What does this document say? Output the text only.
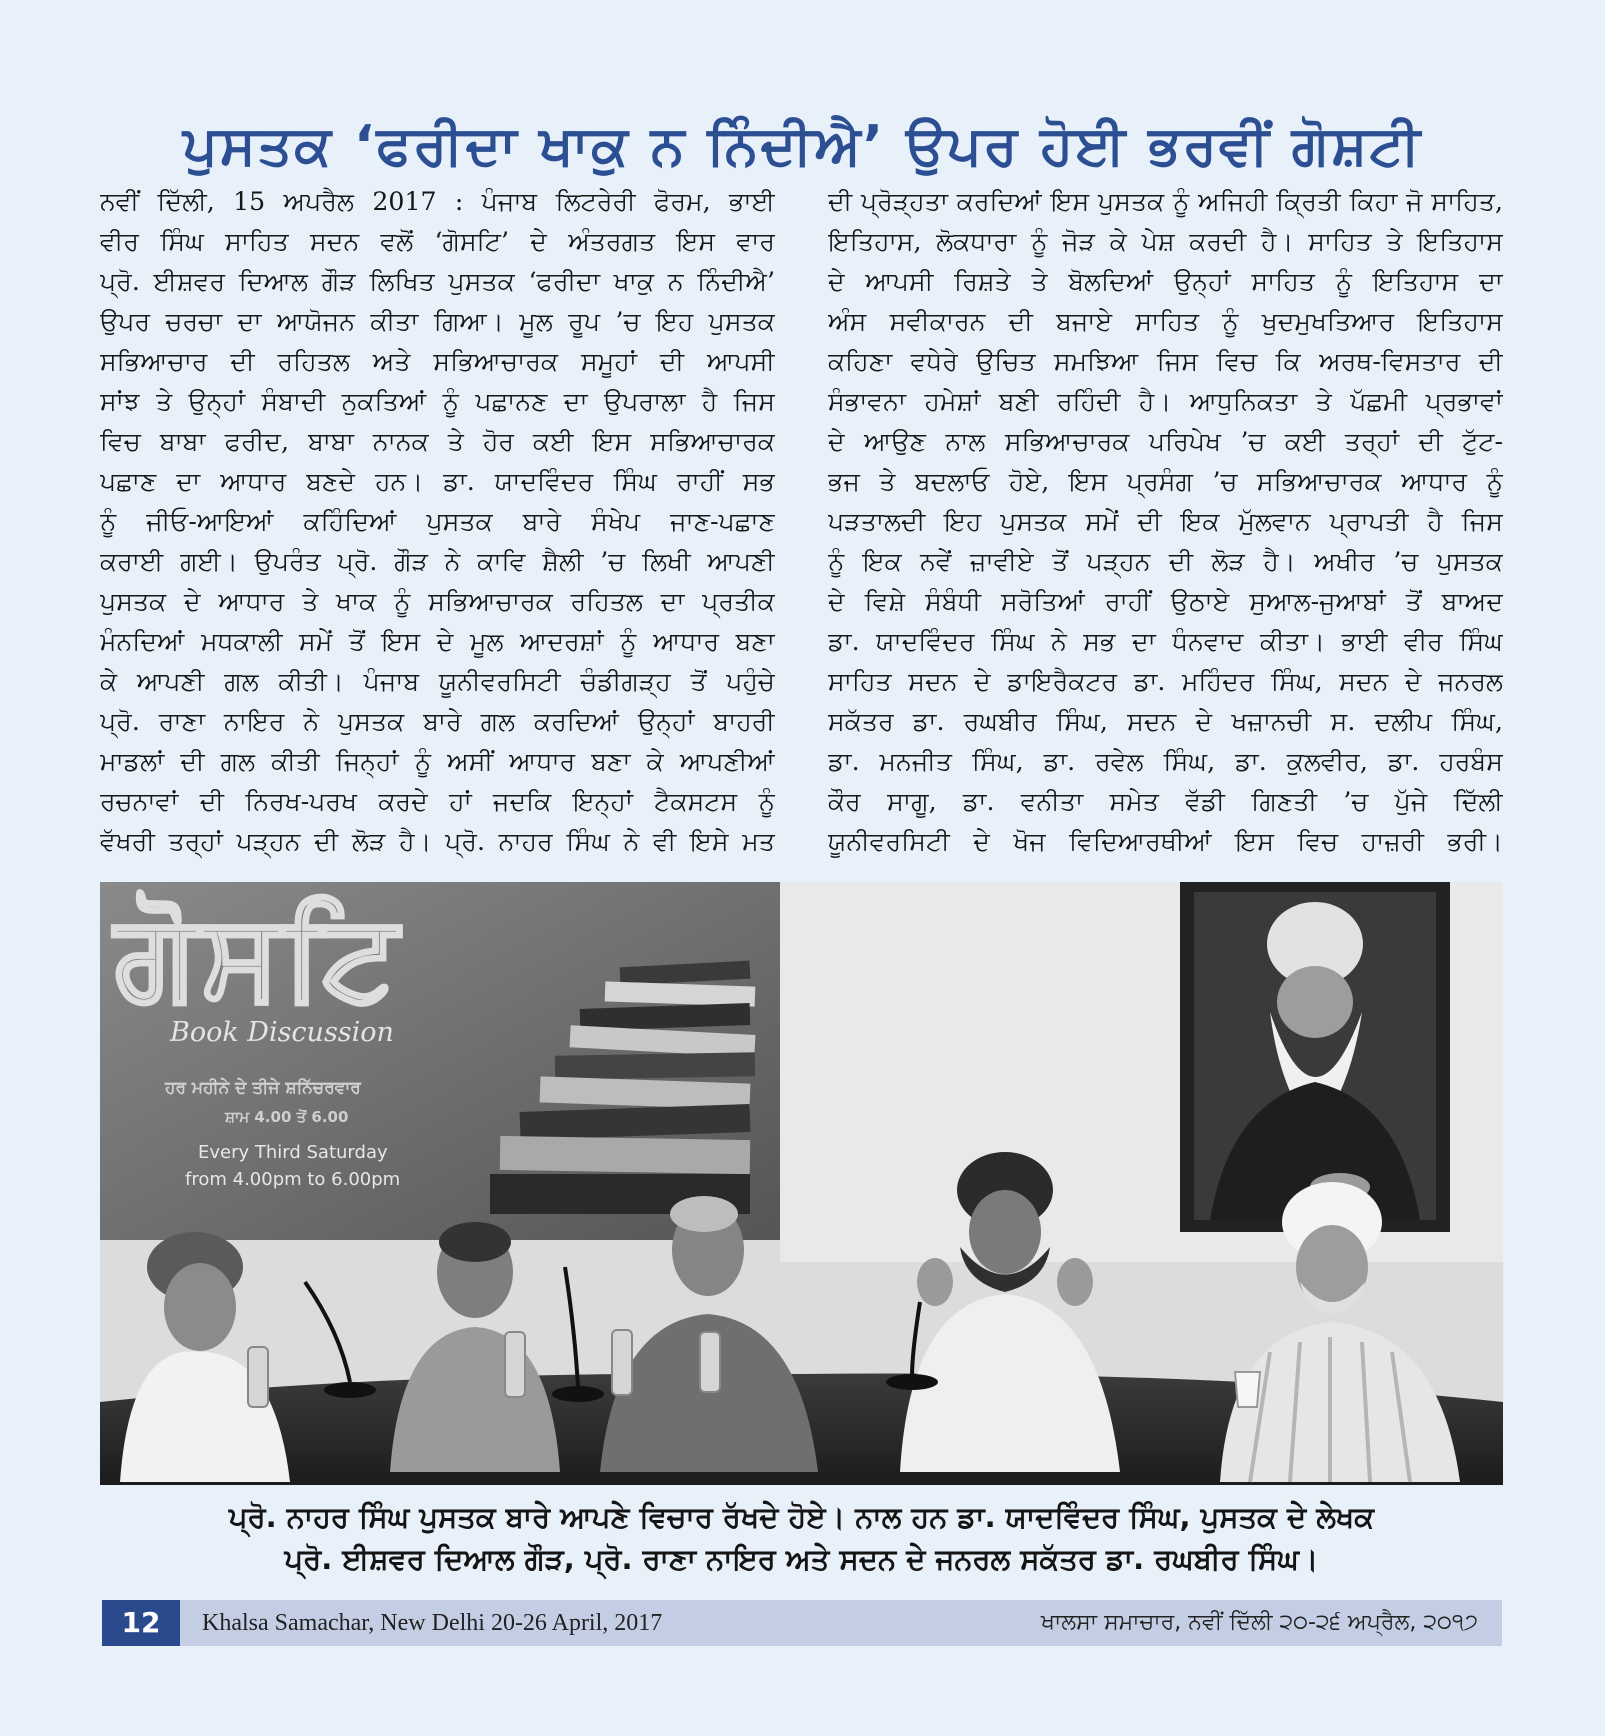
ਪੁਸਤਕ ‘ਫਰੀਦਾ ਖਾਕੁ ਨ ਨਿੰਦੀਐ’ ਉਪਰ ਹੋਈ ਭਰਵੀਂ ਗੋਸ਼ਟੀ
ਨਵੀਂ ਦਿੱਲੀ, 15 ਅਪਰੈਲ 2017 : ਪੰਜਾਬ ਲਿਟਰੇਰੀ ਫੋਰਮ, ਭਾਈ
ਵੀਰ ਸਿੰਘ ਸਾਹਿਤ ਸਦਨ ਵਲੋਂ ‘ਗੋਸਟਿ’ ਦੇ ਅੰਤਰਗਤ ਇਸ ਵਾਰ
ਪ੍ਰੋ. ਈਸ਼ਵਰ ਦਿਆਲ ਗੌੜ ਲਿਖਿਤ ਪੁਸਤਕ ‘ਫਰੀਦਾ ਖਾਕੁ ਨ ਨਿੰਦੀਐ’
ਉਪਰ ਚਰਚਾ ਦਾ ਆਯੋਜਨ ਕੀਤਾ ਗਿਆ। ਮੂਲ ਰੂਪ ’ਚ ਇਹ ਪੁਸਤਕ
ਸਭਿਆਚਾਰ ਦੀ ਰਹਿਤਲ ਅਤੇ ਸਭਿਆਚਾਰਕ ਸਮੂਹਾਂ ਦੀ ਆਪਸੀ
ਸਾਂਝ ਤੇ ਉਨ੍ਹਾਂ ਸੰਬਾਦੀ ਨੁਕਤਿਆਂ ਨੂੰ ਪਛਾਨਣ ਦਾ ਉਪਰਾਲਾ ਹੈ ਜਿਸ
ਵਿਚ ਬਾਬਾ ਫਰੀਦ, ਬਾਬਾ ਨਾਨਕ ਤੇ ਹੋਰ ਕਈ ਇਸ ਸਭਿਆਚਾਰਕ
ਪਛਾਣ ਦਾ ਆਧਾਰ ਬਣਦੇ ਹਨ। ਡਾ. ਯਾਦਵਿੰਦਰ ਸਿੰਘ ਰਾਹੀਂ ਸਭ
ਨੂੰ ਜੀਓ-ਆਇਆਂ ਕਹਿੰਦਿਆਂ ਪੁਸਤਕ ਬਾਰੇ ਸੰਖੇਪ ਜਾਣ-ਪਛਾਣ
ਕਰਾਈ ਗਈ। ਉਪਰੰਤ ਪ੍ਰੋ. ਗੌੜ ਨੇ ਕਾਵਿ ਸ਼ੈਲੀ ’ਚ ਲਿਖੀ ਆਪਣੀ
ਪੁਸਤਕ ਦੇ ਆਧਾਰ ਤੇ ਖਾਕ ਨੂੰ ਸਭਿਆਚਾਰਕ ਰਹਿਤਲ ਦਾ ਪ੍ਰਤੀਕ
ਮੰਨਦਿਆਂ ਮਧਕਾਲੀ ਸਮੇਂ ਤੋਂ ਇਸ ਦੇ ਮੂਲ ਆਦਰਸ਼ਾਂ ਨੂੰ ਆਧਾਰ ਬਣਾ
ਕੇ ਆਪਣੀ ਗਲ ਕੀਤੀ। ਪੰਜਾਬ ਯੂਨੀਵਰਸਿਟੀ ਚੰਡੀਗੜ੍ਹ ਤੋਂ ਪਹੁੰਚੇ
ਪ੍ਰੋ. ਰਾਣਾ ਨਾਇਰ ਨੇ ਪੁਸਤਕ ਬਾਰੇ ਗਲ ਕਰਦਿਆਂ ਉਨ੍ਹਾਂ ਬਾਹਰੀ
ਮਾਡਲਾਂ ਦੀ ਗਲ ਕੀਤੀ ਜਿਨ੍ਹਾਂ ਨੂੰ ਅਸੀਂ ਆਧਾਰ ਬਣਾ ਕੇ ਆਪਣੀਆਂ
ਰਚਨਾਵਾਂ ਦੀ ਨਿਰਖ-ਪਰਖ ਕਰਦੇ ਹਾਂ ਜਦਕਿ ਇਨ੍ਹਾਂ ਟੈਕਸਟਸ ਨੂੰ
ਵੱਖਰੀ ਤਰ੍ਹਾਂ ਪੜ੍ਹਨ ਦੀ ਲੋੜ ਹੈ। ਪ੍ਰੋ. ਨਾਹਰ ਸਿੰਘ ਨੇ ਵੀ ਇਸੇ ਮਤ
ਦੀ ਪ੍ਰੋੜ੍ਹਤਾ ਕਰਦਿਆਂ ਇਸ ਪੁਸਤਕ ਨੂੰ ਅਜਿਹੀ ਕ੍ਰਿਤੀ ਕਿਹਾ ਜੋ ਸਾਹਿਤ,
ਇਤਿਹਾਸ, ਲੋਕਧਾਰਾ ਨੂੰ ਜੋੜ ਕੇ ਪੇਸ਼ ਕਰਦੀ ਹੈ। ਸਾਹਿਤ ਤੇ ਇਤਿਹਾਸ
ਦੇ ਆਪਸੀ ਰਿਸ਼ਤੇ ਤੇ ਬੋਲਦਿਆਂ ਉਨ੍ਹਾਂ ਸਾਹਿਤ ਨੂੰ ਇਤਿਹਾਸ ਦਾ
ਅੰਸ ਸਵੀਕਾਰਨ ਦੀ ਬਜਾਏ ਸਾਹਿਤ ਨੂੰ ਖੁਦਮੁਖਤਿਆਰ ਇਤਿਹਾਸ
ਕਹਿਣਾ ਵਧੇਰੇ ਉਚਿਤ ਸਮਝਿਆ ਜਿਸ ਵਿਚ ਕਿ ਅਰਥ-ਵਿਸਤਾਰ ਦੀ
ਸੰਭਾਵਨਾ ਹਮੇਸ਼ਾਂ ਬਣੀ ਰਹਿੰਦੀ ਹੈ। ਆਧੁਨਿਕਤਾ ਤੇ ਪੱਛਮੀ ਪ੍ਰਭਾਵਾਂ
ਦੇ ਆਉਣ ਨਾਲ ਸਭਿਆਚਾਰਕ ਪਰਿਪੇਖ ’ਚ ਕਈ ਤਰ੍ਹਾਂ ਦੀ ਟੁੱਟ-
ਭਜ ਤੇ ਬਦਲਾਓ ਹੋਏ, ਇਸ ਪ੍ਰਸੰਗ ’ਚ ਸਭਿਆਚਾਰਕ ਆਧਾਰ ਨੂੰ
ਪੜਤਾਲਦੀ ਇਹ ਪੁਸਤਕ ਸਮੇਂ ਦੀ ਇਕ ਮੁੱਲਵਾਨ ਪ੍ਰਾਪਤੀ ਹੈ ਜਿਸ
ਨੂੰ ਇਕ ਨਵੇਂ ਜ਼ਾਵੀਏ ਤੋਂ ਪੜ੍ਹਨ ਦੀ ਲੋੜ ਹੈ। ਅਖੀਰ ’ਚ ਪੁਸਤਕ
ਦੇ ਵਿਸ਼ੇ ਸੰਬੰਧੀ ਸਰੋਤਿਆਂ ਰਾਹੀਂ ਉਠਾਏ ਸੁਆਲ-ਜੁਆਬਾਂ ਤੋਂ ਬਾਅਦ
ਡਾ. ਯਾਦਵਿੰਦਰ ਸਿੰਘ ਨੇ ਸਭ ਦਾ ਧੰਨਵਾਦ ਕੀਤਾ। ਭਾਈ ਵੀਰ ਸਿੰਘ
ਸਾਹਿਤ ਸਦਨ ਦੇ ਡਾਇਰੈਕਟਰ ਡਾ. ਮਹਿੰਦਰ ਸਿੰਘ, ਸਦਨ ਦੇ ਜਨਰਲ
ਸਕੱਤਰ ਡਾ. ਰਘਬੀਰ ਸਿੰਘ, ਸਦਨ ਦੇ ਖਜ਼ਾਨਚੀ ਸ. ਦਲੀਪ ਸਿੰਘ,
ਡਾ. ਮਨਜੀਤ ਸਿੰਘ, ਡਾ. ਰਵੇਲ ਸਿੰਘ, ਡਾ. ਕੁਲਵੀਰ, ਡਾ. ਹਰਬੰਸ
ਕੌਰ ਸਾਗੂ, ਡਾ. ਵਨੀਤਾ ਸਮੇਤ ਵੱਡੀ ਗਿਣਤੀ ’ਚ ਪੁੱਜੇ ਦਿੱਲੀ
ਯੂਨੀਵਰਸਿਟੀ ਦੇ ਖੋਜ ਵਿਦਿਆਰਥੀਆਂ ਇਸ ਵਿਚ ਹਾਜ਼ਰੀ ਭਰੀ।
ਗੋਸਟਿ
Book Discussion
ਹਰ ਮਹੀਨੇ ਦੇ ਤੀਜੇ ਸ਼ਨਿੱਚਰਵਾਰ
ਸ਼ਾਮ 4.00 ਤੋਂ 6.00
Every Third Saturday
from 4.00pm to 6.00pm
ਪ੍ਰੋ. ਨਾਹਰ ਸਿੰਘ ਪੁਸਤਕ ਬਾਰੇ ਆਪਣੇ ਵਿਚਾਰ ਰੱਖਦੇ ਹੋਏ। ਨਾਲ ਹਨ ਡਾ. ਯਾਦਵਿੰਦਰ ਸਿੰਘ, ਪੁਸਤਕ ਦੇ ਲੇਖਕ
ਪ੍ਰੋ. ਈਸ਼ਵਰ ਦਿਆਲ ਗੌੜ, ਪ੍ਰੋ. ਰਾਣਾ ਨਾਇਰ ਅਤੇ ਸਦਨ ਦੇ ਜਨਰਲ ਸਕੱਤਰ ਡਾ. ਰਘਬੀਰ ਸਿੰਘ।
12	Khalsa Samachar, New Delhi 20-26 April, 2017	ਖਾਲਸਾ ਸਮਾਚਾਰ, ਨਵੀਂ ਦਿੱਲੀ ੨੦-੨੬ ਅਪ੍ਰੈਲ, ੨੦੧੭
